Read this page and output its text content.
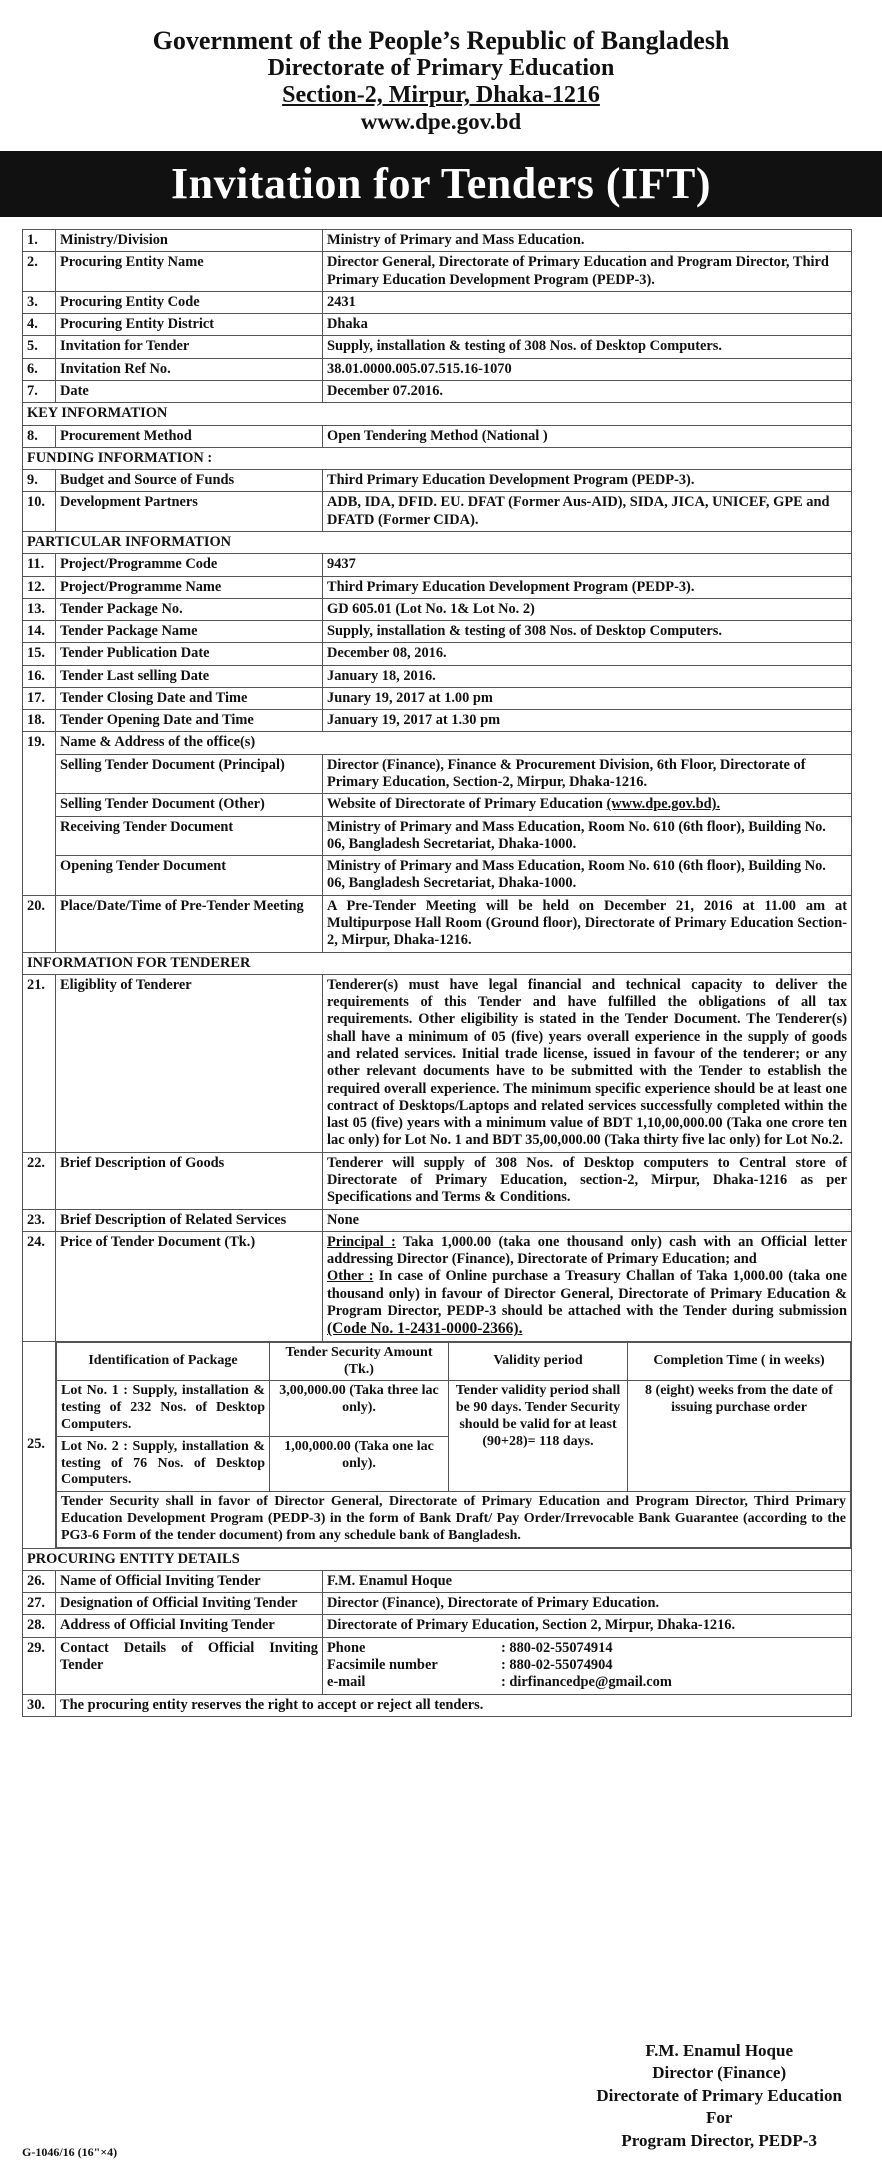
Government of the People’s Republic of Bangladesh
Directorate of Primary Education
Section-2, Mirpur, Dhaka-1216
www.dpe.gov.bd
Invitation for Tenders (IFT)
1.	Ministry/Division	Ministry of Primary and Mass Education.
2.	Procuring Entity Name	Director General, Directorate of Primary Education and Program Director, Third Primary Education Development Program (PEDP-3).
3.	Procuring Entity Code	2431
4.	Procuring Entity District	Dhaka
5.	Invitation for Tender	Supply, installation & testing of 308 Nos. of Desktop Computers.
6.	Invitation Ref No.	38.01.0000.005.07.515.16-1070
7.	Date	December 07.2016.
KEY INFORMATION
8.	Procurement Method	Open Tendering Method (National )
FUNDING INFORMATION :
9.	Budget and Source of Funds	Third Primary Education Development Program (PEDP-3).
10.	Development Partners	ADB, IDA, DFID. EU. DFAT (Former Aus-AID), SIDA, JICA, UNICEF, GPE and DFATD (Former CIDA).
PARTICULAR INFORMATION
11.	Project/Programme Code	9437
12.	Project/Programme Name	Third Primary Education Development Program (PEDP-3).
13.	Tender Package No.	GD 605.01 (Lot No. 1& Lot No. 2)
14.	Tender Package Name	Supply, installation & testing of 308 Nos. of Desktop Computers.
15.	Tender Publication Date	December 08, 2016.
16.	Tender Last selling Date	January 18, 2016.
17.	Tender Closing Date and Time	Junary 19, 2017 at 1.00 pm
18.	Tender Opening Date and Time	January 19, 2017 at 1.30 pm
19.	Name & Address of the office(s)
Selling Tender Document (Principal)	Director (Finance), Finance & Procurement Division, 6th Floor, Directorate of Primary Education, Section-2, Mirpur, Dhaka-1216.
Selling Tender Document (Other)	Website of Directorate of Primary Education (www.dpe.gov.bd).
Receiving Tender Document	Ministry of Primary and Mass Education, Room No. 610 (6th floor), Building No. 06, Bangladesh Secretariat, Dhaka-1000.
Opening Tender Document	Ministry of Primary and Mass Education, Room No. 610 (6th floor), Building No. 06, Bangladesh Secretariat, Dhaka-1000.
20.	Place/Date/Time of Pre-Tender Meeting	A Pre-Tender Meeting will be held on December 21, 2016 at 11.00 am at Multipurpose Hall Room (Ground floor), Directorate of Primary Education Section-2, Mirpur, Dhaka-1216.
INFORMATION FOR TENDERER
21.	Eligiblity of Tenderer	Tenderer(s) must have legal financial and technical capacity to deliver the requirements of this Tender and have fulfilled the obligations of all tax requirements. Other eligibility is stated in the Tender Document. The Tenderer(s) shall have a minimum of 05 (five) years overall experience in the supply of goods and related services. Initial trade license, issued in favour of the tenderer; or any other relevant documents have to be submitted with the Tender to establish the required overall experience. The minimum specific experience should be at least one contract of Desktops/Laptops and related services successfully completed within the last 05 (five) years with a minimum value of BDT 1,10,00,000.00 (Taka one crore ten lac only) for Lot No. 1 and BDT 35,00,000.00 (Taka thirty five lac only) for Lot No.2.
22.	Brief Description of Goods	Tenderer will supply of 308 Nos. of Desktop computers to Central store of Directorate of Primary Education, section-2, Mirpur, Dhaka-1216 as per Specifications and Terms & Conditions.
23.	Brief Description of Related Services	None
24.	Price of Tender Document (Tk.)	Principal : Taka 1,000.00 (taka one thousand only) cash with an Official letter addressing Director (Finance), Directorate of Primary Education; and
Other : In case of Online purchase a Treasury Challan of Taka 1,000.00 (taka one thousand only) in favour of Director General, Directorate of Primary Education & Program Director, PEDP-3 should be attached with the Tender during submission (Code No. 1-2431-0000-2366).
25.	
Identification of Package	Tender Security Amount (Tk.)	Validity period	Completion Time ( in weeks)
Lot No. 1 : Supply, installation & testing of 232 Nos. of Desktop Computers.	3,00,000.00 (Taka three lac only).	Tender validity period shall be 90 days. Tender Security should be valid for at least (90+28)= 118 days.	8 (eight) weeks from the date of issuing purchase order
Lot No. 2 : Supply, installation & testing of 76 Nos. of Desktop Computers.	1,00,000.00 (Taka one lac only).
Tender Security shall in favor of Director General, Directorate of Primary Education and Program Director, Third Primary Education Development Program (PEDP-3) in the form of Bank Draft/ Pay Order/Irrevocable Bank Guarantee (according to the PG3-6 Form of the tender document) from any schedule bank of Bangladesh.

PROCURING ENTITY DETAILS
26.	Name of Official Inviting Tender	F.M. Enamul Hoque
27.	Designation of Official Inviting Tender	Director (Finance), Directorate of Primary Education.
28.	Address of Official Inviting Tender	Directorate of Primary Education, Section 2, Mirpur, Dhaka-1216.
29.	Contact Details of Official Inviting Tender	
Phone	: 880-02-55074914
Facsimile number	: 880-02-55074904
e-mail	: dirfinancedpe@gmail.com

30.	The procuring entity reserves the right to accept or reject all tenders.
F.M. Enamul Hoque
Director (Finance)
Directorate of Primary Education
For
Program Director, PEDP-3
G-1046/16 (16"×4)
